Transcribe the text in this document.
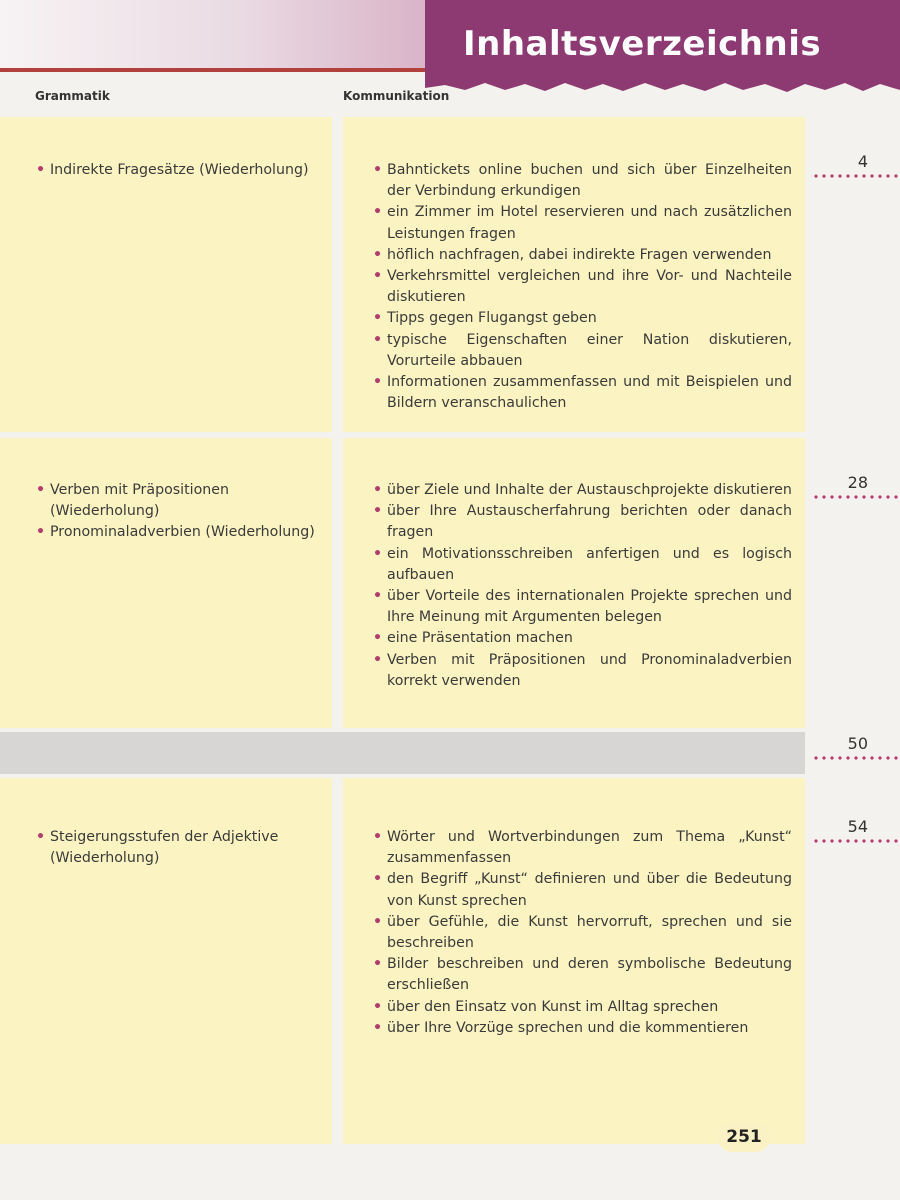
Inhaltsverzeichnis
Grammatik	Kommunikation
• Indirekte Fragesätze (Wiederholung)	• Bahntickets online buchen und sich über Einzelheiten der Verbindung erkundigen
• ein Zimmer im Hotel reservieren und nach zusätzlichen Leistungen fragen
• höflich nachfragen, dabei indirekte Fragen verwenden
• Verkehrsmittel vergleichen und ihre Vor- und Nachteile diskutieren
• Tipps gegen Flugangst geben
• typische Eigenschaften einer Nation diskutieren, Vorurteile abbauen
• Informationen zusammenfassen und mit Beispielen und Bildern veranschaulichen
4
• Verben mit Präpositionen (Wiederholung)
• Pronominaladverbien (Wiederholung)
• über Ziele und Inhalte der Austauschprojekte diskutieren
• über Ihre Austauscherfahrung berichten oder danach fragen
• ein Motivationsschreiben anfertigen und es logisch aufbauen
• über Vorteile des internationalen Projekte sprechen und Ihre Meinung mit Argumenten belegen
• eine Präsentation machen
• Verben mit Präpositionen und Pronominaladverbien korrekt verwenden
28
50
• Steigerungsstufen der Adjektive (Wiederholung)
• Wörter und Wortverbindungen zum Thema „Kunst“ zusammenfassen
• den Begriff „Kunst“ definieren und über die Bedeutung von Kunst sprechen
• über Gefühle, die Kunst hervorruft, sprechen und sie beschreiben
• Bilder beschreiben und deren symbolische Bedeutung erschließen
• über den Einsatz von Kunst im Alltag sprechen
• über Ihre Vorzüge sprechen und die kommentieren
54
251
